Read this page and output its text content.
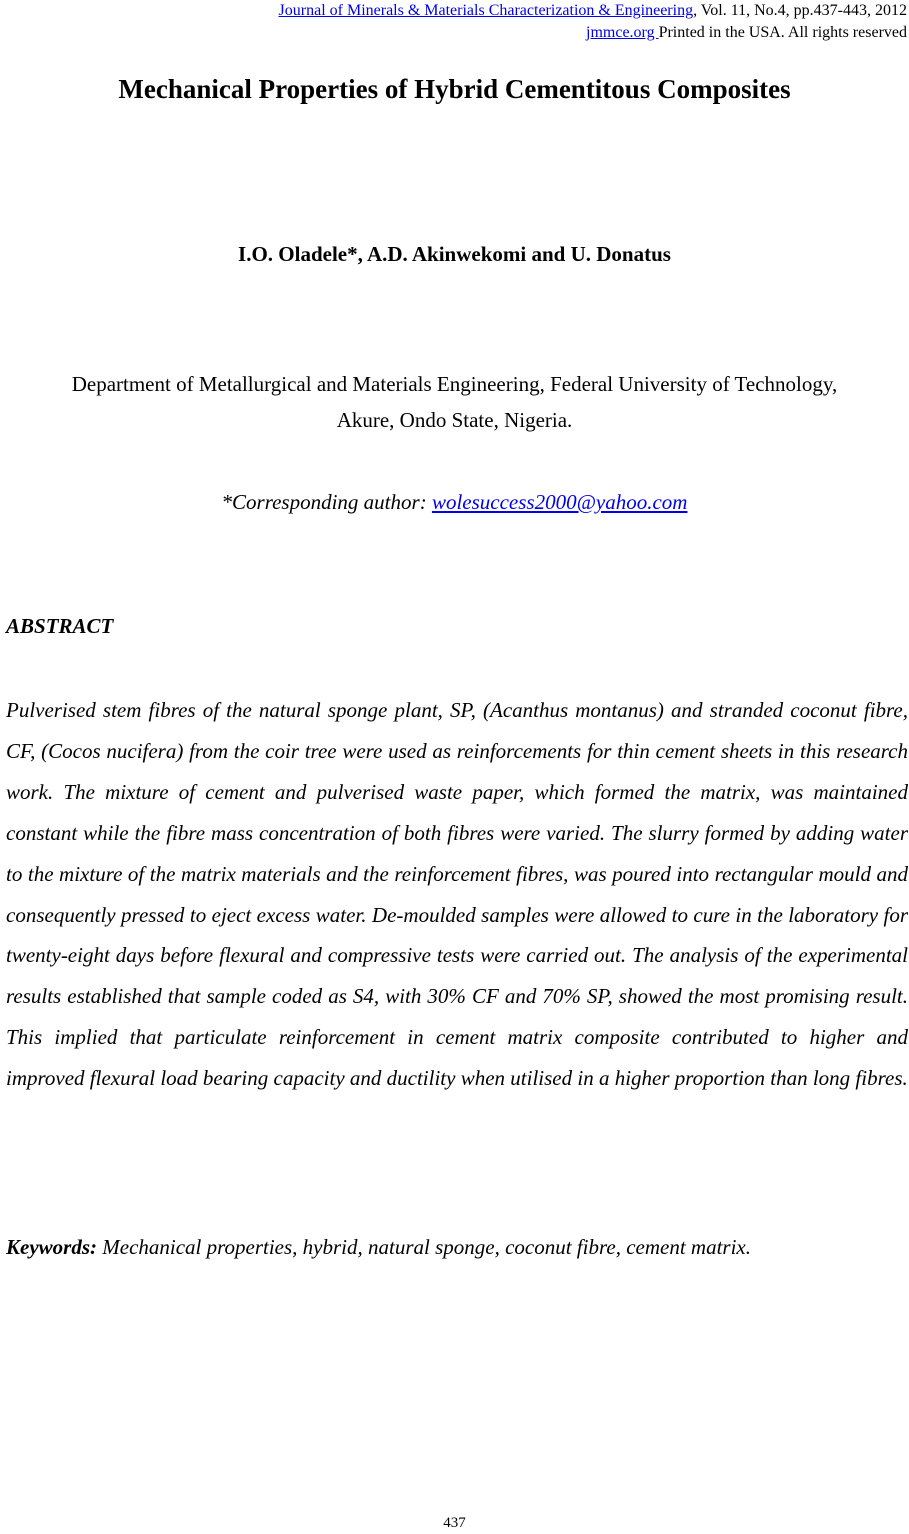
Journal of Minerals & Materials Characterization & Engineering, Vol. 11, No.4, pp.437-443, 2012
jmmce.org Printed in the USA. All rights reserved
Mechanical Properties of Hybrid Cementitous Composites
I.O. Oladele*, A.D. Akinwekomi and U. Donatus
Department of Metallurgical and Materials Engineering, Federal University of Technology,
Akure, Ondo State, Nigeria.
*Corresponding author: wolesuccess2000@yahoo.com
ABSTRACT

Pulverised stem fibres of the natural sponge plant, SP, (Acanthus montanus) and stranded coconut fibre, CF, (Cocos nucifera) from the coir tree were used as reinforcements for thin cement sheets in this research work. The mixture of cement and pulverised waste paper, which formed the matrix, was maintained constant while the fibre mass concentration of both fibres were varied. The slurry formed by adding water to the mixture of the matrix materials and the reinforcement fibres, was poured into rectangular mould and consequently pressed to eject excess water. De-moulded samples were allowed to cure in the laboratory for twenty-eight days before flexural and compressive tests were carried out. The analysis of the experimental results established that sample coded as S4, with 30% CF and 70% SP, showed the most promising result. This implied that particulate reinforcement in cement matrix composite contributed to higher and improved flexural load bearing capacity and ductility when utilised in a higher proportion than long fibres.

Keywords: Mechanical properties, hybrid, natural sponge, coconut fibre, cement matrix.
437
